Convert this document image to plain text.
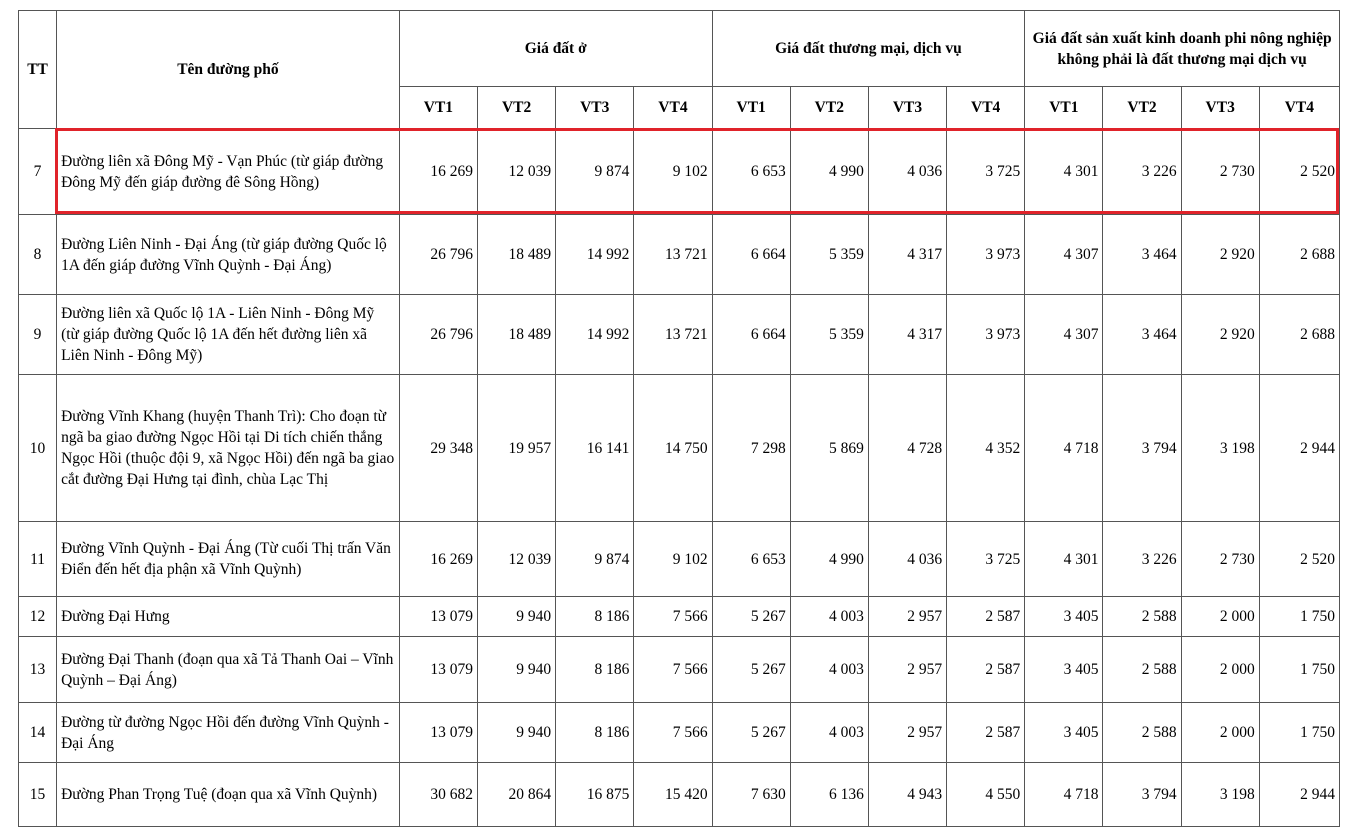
TT	Tên đường phố	Giá đất ở				Giá đất thương mại, dịch vụ				Giá đất sản xuất kinh doanh phi nông nghiệp không phải là đất thương mại dịch vụ			
		VT1	VT2	VT3	VT4	VT1	VT2	VT3	VT4	VT1	VT2	VT3	VT4
7	Đường liên xã Đông Mỹ - Vạn Phúc (từ giáp đường Đông Mỹ đến giáp đường đê Sông Hồng)	16 269	12 039	9 874	9 102	6 653	4 990	4 036	3 725	4 301	3 226	2 730	2 520
8	Đường Liên Ninh - Đại Áng (từ giáp đường Quốc lộ 1A đến giáp đường Vĩnh Quỳnh - Đại Áng)	26 796	18 489	14 992	13 721	6 664	5 359	4 317	3 973	4 307	3 464	2 920	2 688
9	Đường liên xã Quốc lộ 1A - Liên Ninh - Đông Mỹ (từ giáp đường Quốc lộ 1A đến hết đường liên xã Liên Ninh - Đông Mỹ)	26 796	18 489	14 992	13 721	6 664	5 359	4 317	3 973	4 307	3 464	2 920	2 688
10	Đường Vĩnh Khang (huyện Thanh Trì): Cho đoạn từ ngã ba giao đường Ngọc Hồi tại Di tích chiến thắng Ngọc Hồi (thuộc đội 9, xã Ngọc Hồi) đến ngã ba giao cắt đường Đại Hưng tại đình, chùa Lạc Thị	29 348	19 957	16 141	14 750	7 298	5 869	4 728	4 352	4 718	3 794	3 198	2 944
11	Đường Vĩnh Quỳnh - Đại Áng (Từ cuối Thị trấn Văn Điển đến hết địa phận xã Vĩnh Quỳnh)	16 269	12 039	9 874	9 102	6 653	4 990	4 036	3 725	4 301	3 226	2 730	2 520
12	Đường Đại Hưng	13 079	9 940	8 186	7 566	5 267	4 003	2 957	2 587	3 405	2 588	2 000	1 750
13	Đường Đại Thanh (đoạn qua xã Tả Thanh Oai – Vĩnh Quỳnh – Đại Áng)	13 079	9 940	8 186	7 566	5 267	4 003	2 957	2 587	3 405	2 588	2 000	1 750
14	Đường từ đường Ngọc Hồi đến đường Vĩnh Quỳnh - Đại Áng	13 079	9 940	8 186	7 566	5 267	4 003	2 957	2 587	3 405	2 588	2 000	1 750
15	Đường Phan Trọng Tuệ (đoạn qua xã Vĩnh Quỳnh)	30 682	20 864	16 875	15 420	7 630	6 136	4 943	4 550	4 718	3 794	3 198	2 944
